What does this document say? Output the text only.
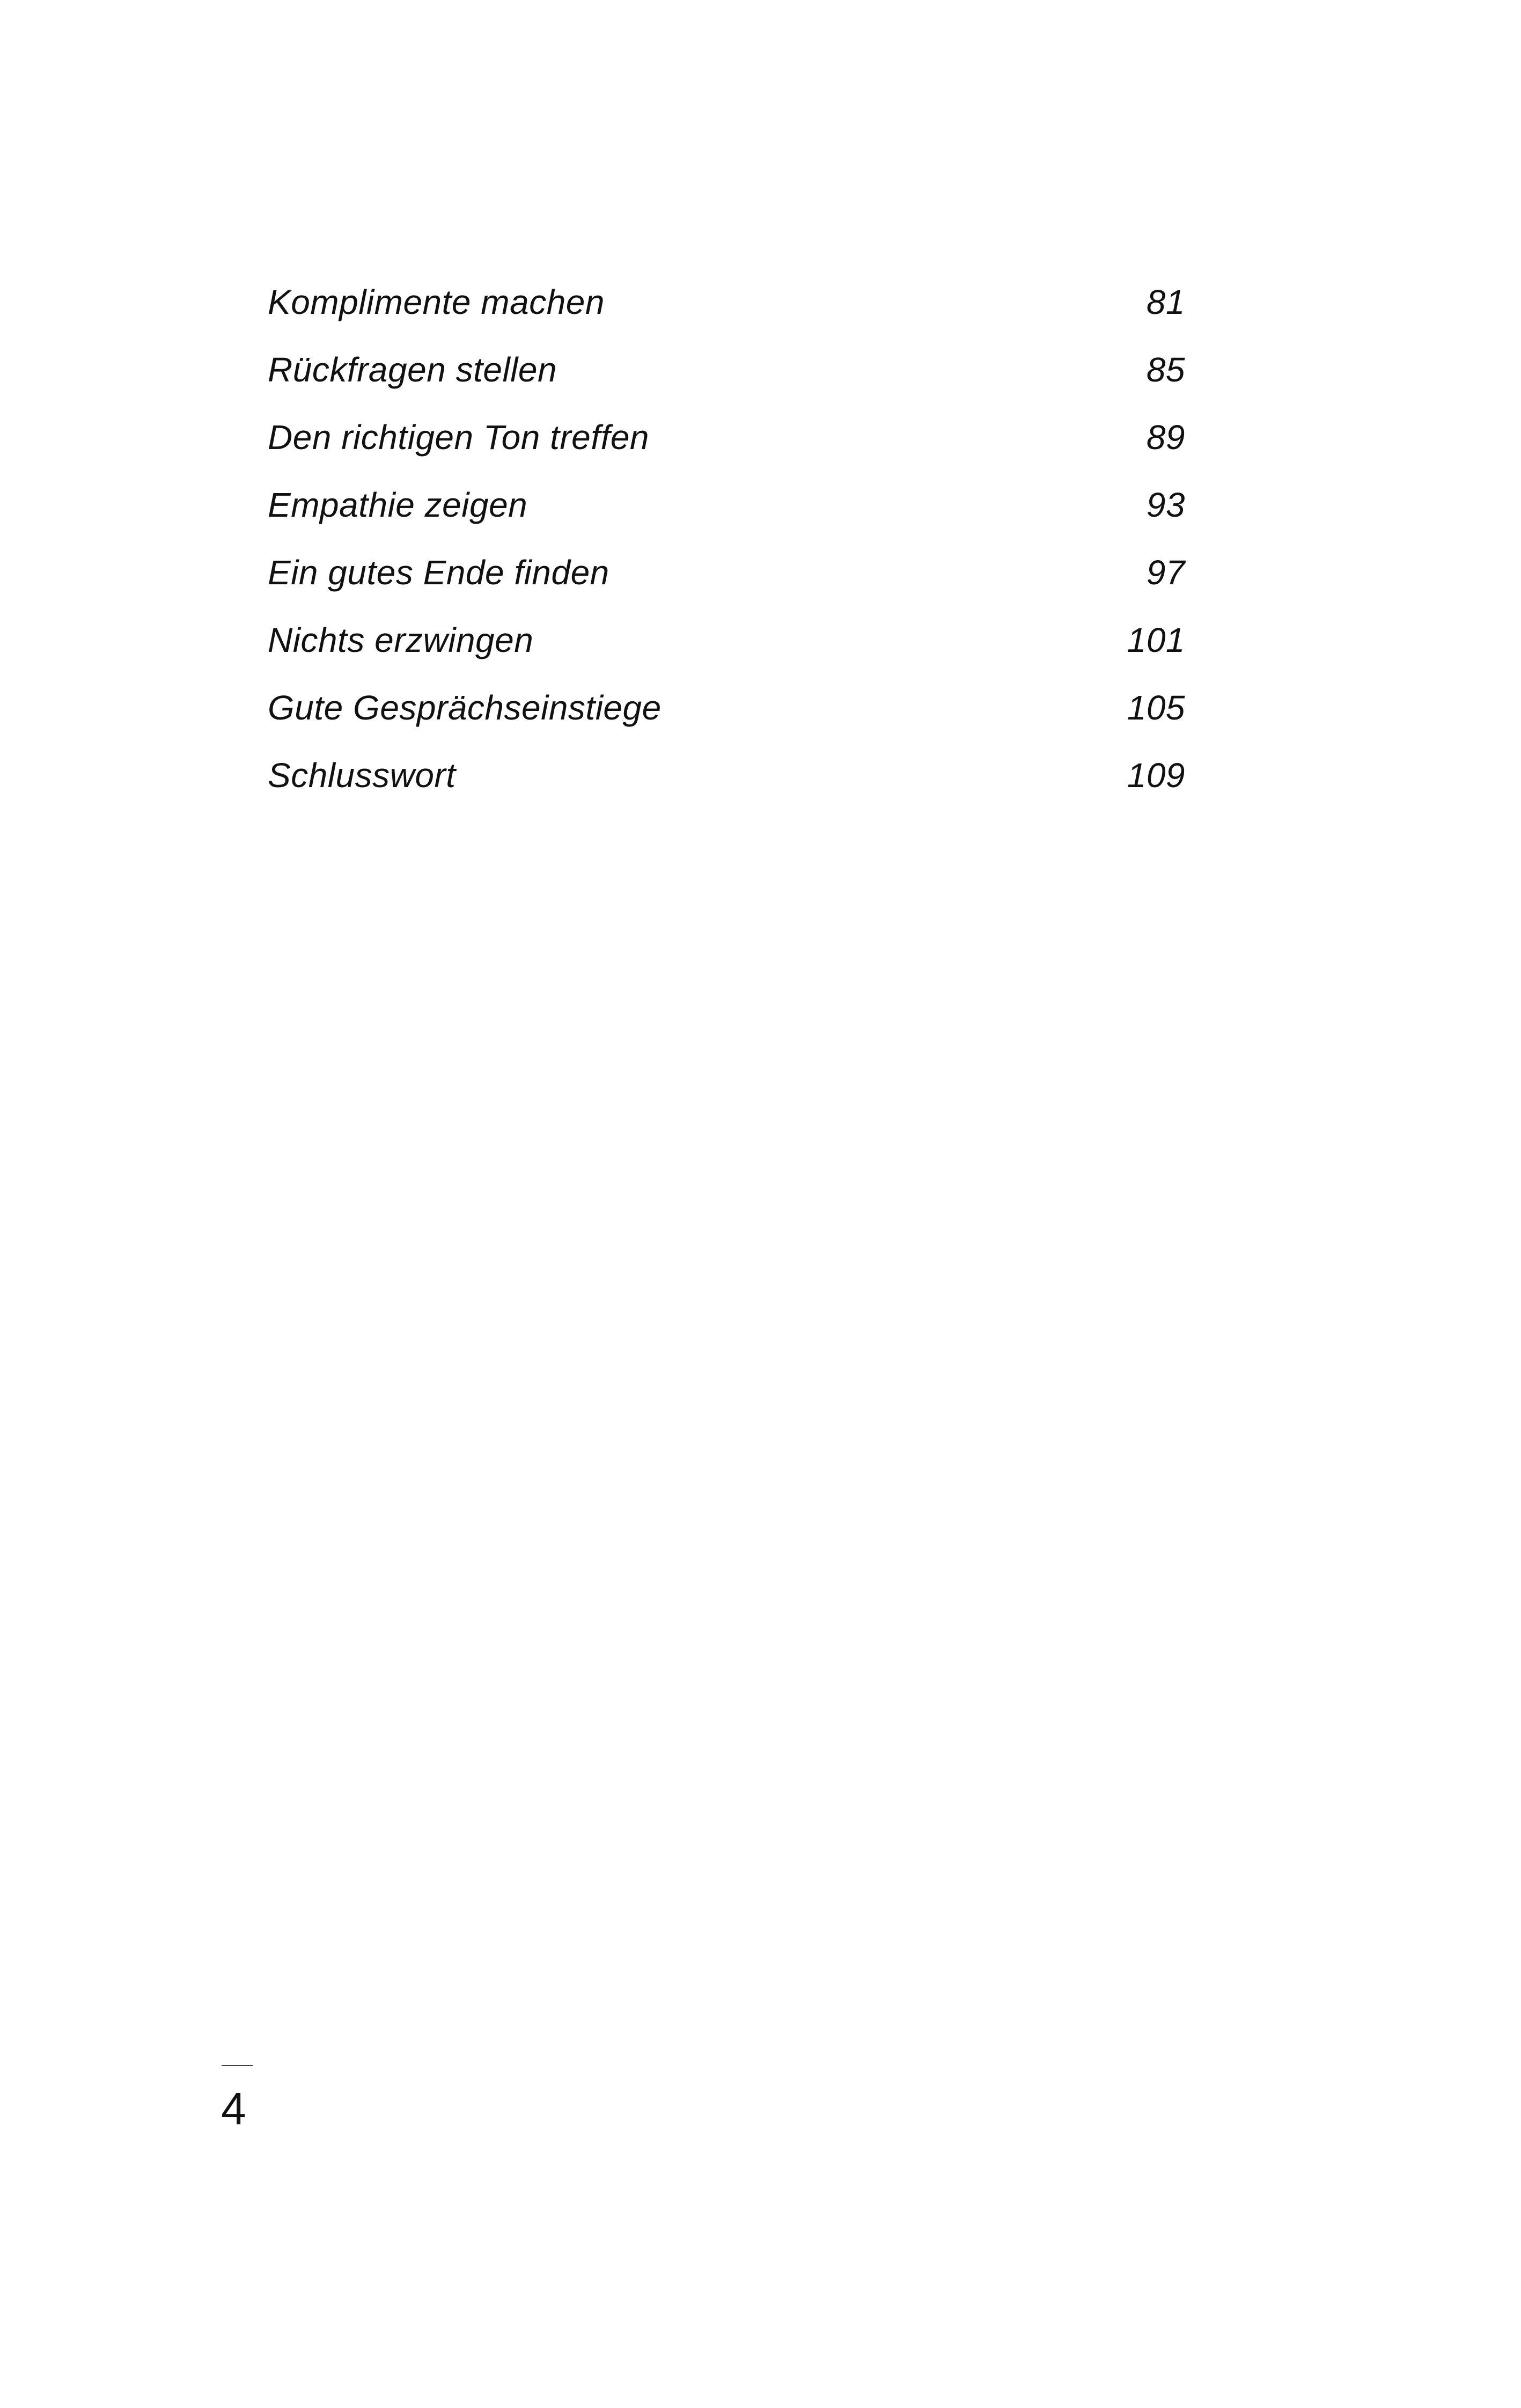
Komplimente machen	81
Rückfragen stellen	85
Den richtigen Ton treffen	89
Empathie zeigen	93
Ein gutes Ende finden	97
Nichts erzwingen	101
Gute Gesprächseinstiege	105
Schlusswort	109
4
